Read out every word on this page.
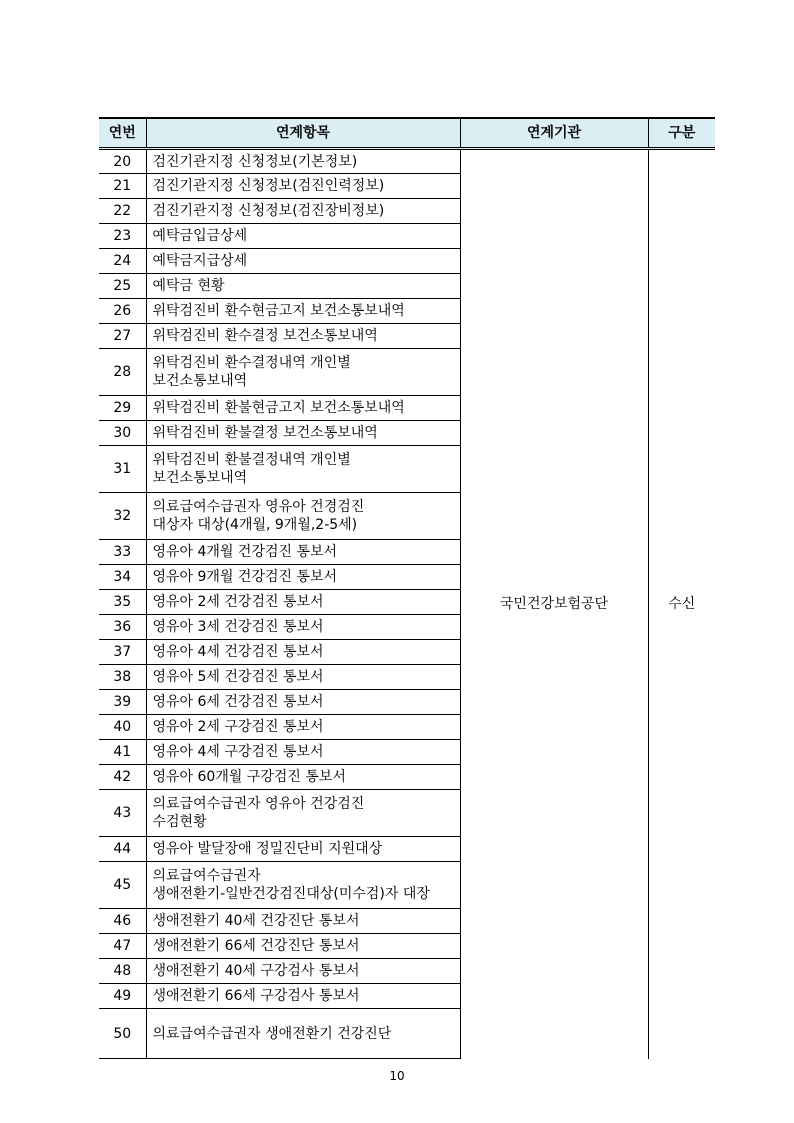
연번	연계항목	연계기관	구분
20	검진기관지정 신청정보(기본정보)	국민건강보험공단	수신
21	검진기관지정 신청정보(검진인력정보)		

22	검진기관지정 신청정보(검진장비정보)		

23	예탁금입금상세		

24	예탁금지급상세		

25	예탁금 현황		

26	위탁검진비 환수현금고지 보건소통보내역		

27	위탁검진비 환수결정 보건소통보내역		

28	위탁검진비 환수결정내역 개인별
보건소통보내역		

29	위탁검진비 환불현금고지 보건소통보내역		

30	위탁검진비 환불결정 보건소통보내역		

31	위탁검진비 환불결정내역 개인별
보건소통보내역		

32	의료급여수급권자 영유아 건경검진
대상자 대상(4개월, 9개월,2-5세)		

33	영유아 4개월 건강검진 통보서		

34	영유아 9개월 건강검진 통보서		

35	영유아 2세 건강검진 통보서		

36	영유아 3세 건강검진 통보서		

37	영유아 4세 건강검진 통보서		

38	영유아 5세 건강검진 통보서		

39	영유아 6세 건강검진 통보서		

40	영유아 2세 구강검진 통보서		

41	영유아 4세 구강검진 통보서		

42	영유아 60개월 구강검진 통보서		

43	의료급여수급권자 영유아 건강검진
수검현황		

44	영유아 발달장애 정밀진단비 지원대상		

45	의료급여수급권자
생애전환기-일반건강검진대상(미수검)자 대장		

46	생애전환기 40세 건강진단 통보서		

47	생애전환기 66세 건강진단 통보서		

48	생애전환기 40세 구강검사 통보서		

49	생애전환기 66세 구강검사 통보서		

50	의료급여수급권자 생애전환기 건강진단		
10
